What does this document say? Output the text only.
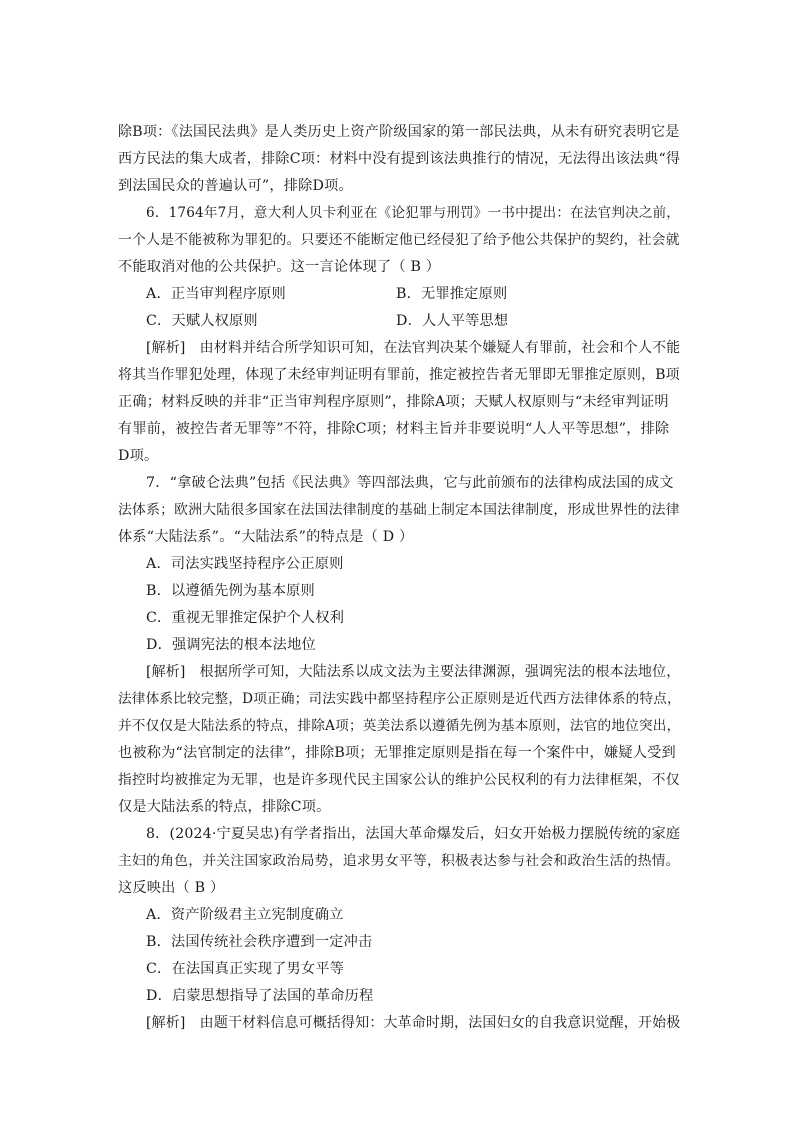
除B项：《法国民法典》是人类历史上资产阶级国家的第一部民法典，从未有研究表明它是
西方民法的集大成者，排除C项：材料中没有提到该法典推行的情况，无法得出该法典“得
到法国民众的普遍认可”，排除D项。
6．1764年7月，意大利人贝卡利亚在《论犯罪与刑罚》一书中提出：在法官判决之前，
一个人是不能被称为罪犯的。只要还不能断定他已经侵犯了给予他公共保护的契约，社会就
不能取消对他的公共保护。这一言论体现了（ B ）
A．正当审判程序原则	B．无罪推定原则
C．天赋人权原则	D．人人平等思想
[解析]　由材料并结合所学知识可知，在法官判决某个嫌疑人有罪前，社会和个人不能
将其当作罪犯处理，体现了未经审判证明有罪前，推定被控告者无罪即无罪推定原则，B项
正确；材料反映的并非“正当审判程序原则”，排除A项；天赋人权原则与“未经审判证明
有罪前，被控告者无罪等”不符，排除C项；材料主旨并非要说明“人人平等思想”，排除
D项。
7．“拿破仑法典”包括《民法典》等四部法典，它与此前颁布的法律构成法国的成文
法体系；欧洲大陆很多国家在法国法律制度的基础上制定本国法律制度，形成世界性的法律
体系“大陆法系”。“大陆法系”的特点是（ D ）
A．司法实践坚持程序公正原则
B．以遵循先例为基本原则
C．重视无罪推定保护个人权利
D．强调宪法的根本法地位
[解析]　根据所学可知，大陆法系以成文法为主要法律渊源，强调宪法的根本法地位，
法律体系比较完整，D项正确；司法实践中都坚持程序公正原则是近代西方法律体系的特点，
并不仅仅是大陆法系的特点，排除A项；英美法系以遵循先例为基本原则，法官的地位突出，
也被称为“法官制定的法律”，排除B项；无罪推定原则是指在每一个案件中，嫌疑人受到
指控时均被推定为无罪，也是许多现代民主国家公认的维护公民权利的有力法律框架，不仅
仅是大陆法系的特点，排除C项。
8．(2024·宁夏吴忠)有学者指出，法国大革命爆发后，妇女开始极力摆脱传统的家庭
主妇的角色，并关注国家政治局势，追求男女平等，积极表达参与社会和政治生活的热情。
这反映出（ B ）
A．资产阶级君主立宪制度确立
B．法国传统社会秩序遭到一定冲击
C．在法国真正实现了男女平等
D．启蒙思想指导了法国的革命历程
[解析]　由题干材料信息可概括得知：大革命时期，法国妇女的自我意识觉醒，开始极
